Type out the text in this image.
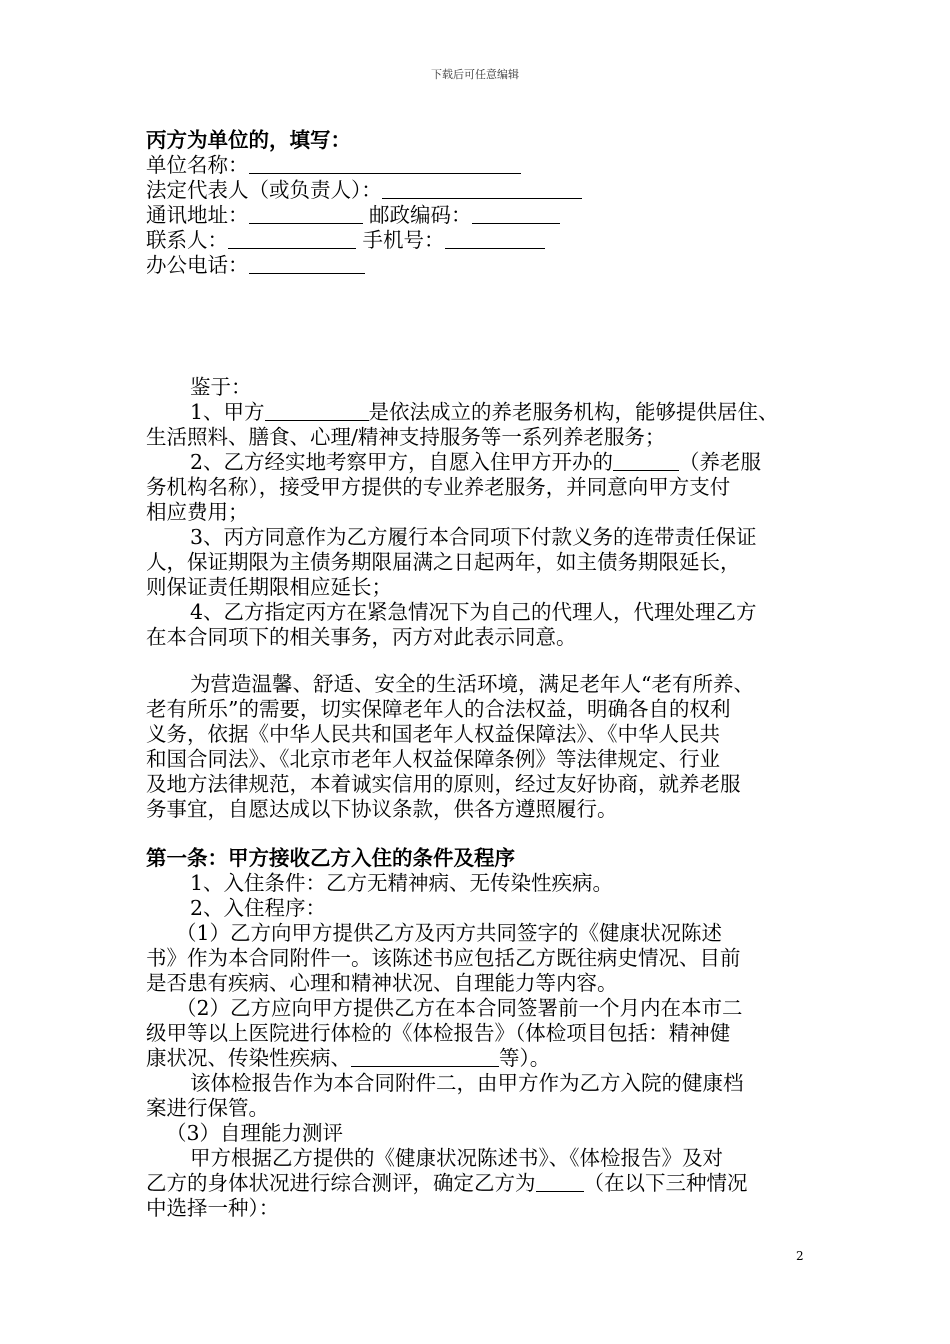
下载后可任意编辑
丙方为单位的，填写：
单位名称：
法定代表人（或负责人）：
通讯地址：	邮政编码：
联系人：	手机号：
办公电话：
鉴于：
1、甲方	是依法成立的养老服务机构，能够提供居住、
生活照料、膳食、心理/精神支持服务等一系列养老服务；
2、乙方经实地考察甲方，自愿入住甲方开办的	（养老服
务机构名称），接受甲方提供的专业养老服务，并同意向甲方支付
相应费用；
3、丙方同意作为乙方履行本合同项下付款义务的连带责任保证
人，保证期限为主债务期限届满之日起两年，如主债务期限延长，
则保证责任期限相应延长；
4、乙方指定丙方在紧急情况下为自己的代理人，代理处理乙方
在本合同项下的相关事务，丙方对此表示同意。
为营造温馨、舒适、安全的生活环境，满足老年人“老有所养、
老有所乐”的需要，切实保障老年人的合法权益，明确各自的权利
义务，依据《中华人民共和国老年人权益保障法》、《中华人民共
和国合同法》、《北京市老年人权益保障条例》等法律规定、行业
及地方法律规范，本着诚实信用的原则，经过友好协商，就养老服
务事宜，自愿达成以下协议条款，供各方遵照履行。
第一条：甲方接收乙方入住的条件及程序
1、入住条件：乙方无精神病、无传染性疾病。
2、入住程序：
（1）乙方向甲方提供乙方及丙方共同签字的《健康状况陈述
书》作为本合同附件一。该陈述书应包括乙方既往病史情况、目前
是否患有疾病、心理和精神状况、自理能力等内容。
（2）乙方应向甲方提供乙方在本合同签署前一个月内在本市二
级甲等以上医院进行体检的《体检报告》（体检项目包括：精神健
康状况、传染性疾病、	等）。
该体检报告作为本合同附件二，由甲方作为乙方入院的健康档
案进行保管。
（3）自理能力测评
甲方根据乙方提供的《健康状况陈述书》、《体检报告》及对
乙方的身体状况进行综合测评，确定乙方为 （在以下三种情况
中选择一种）：
2
